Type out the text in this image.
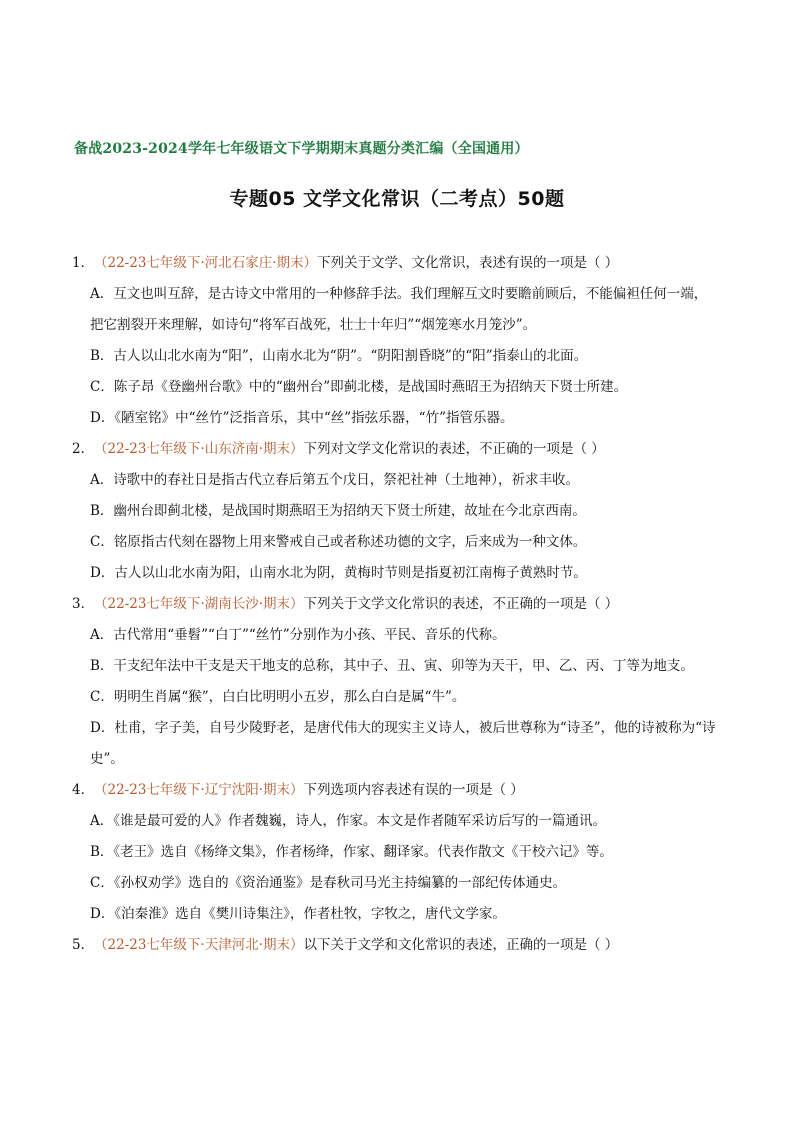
备战2023-2024学年七年级语文下学期期末真题分类汇编（全国通用）
专题05 文学文化常识（二考点）50题
1．（22-23七年级下·河北石家庄·期末）下列关于文学、文化常识，表述有误的一项是（ ）
A．互文也叫互辞，是古诗文中常用的一种修辞手法。我们理解互文时要瞻前顾后，不能偏袒任何一端，
把它割裂开来理解，如诗句“将军百战死，壮士十年归”“烟笼寒水月笼沙”。
B．古人以山北水南为“阳”，山南水北为“阴”。“阴阳割昏晓”的“阳”指泰山的北面。
C．陈子昂《登幽州台歌》中的“幽州台”即蓟北楼，是战国时燕昭王为招纳天下贤士所建。
D．《陋室铭》中“丝竹”泛指音乐，其中“丝”指弦乐器，“竹”指管乐器。
2．（22-23七年级下·山东济南·期末）下列对文学文化常识的表述，不正确的一项是（ ）
A．诗歌中的春社日是指古代立春后第五个戊日，祭祀社神（土地神），祈求丰收。
B．幽州台即蓟北楼，是战国时期燕昭王为招纳天下贤士所建，故址在今北京西南。
C．铭原指古代刻在器物上用来警戒自己或者称述功德的文字，后来成为一种文体。
D．古人以山北水南为阳，山南水北为阴，黄梅时节则是指夏初江南梅子黄熟时节。
3．（22-23七年级下·湖南长沙·期末）下列关于文学文化常识的表述，不正确的一项是（ ）
A．古代常用“垂髫”“白丁”“丝竹”分别作为小孩、平民、音乐的代称。
B．干支纪年法中干支是天干地支的总称，其中子、丑、寅、卯等为天干，甲、乙、丙、丁等为地支。
C．明明生肖属“猴”，白白比明明小五岁，那么白白是属“牛”。
D．杜甫，字子美，自号少陵野老，是唐代伟大的现实主义诗人，被后世尊称为“诗圣”，他的诗被称为“诗
史”。
4．（22-23七年级下·辽宁沈阳·期末）下列选项内容表述有误的一项是（ ）
A．《谁是最可爱的人》作者魏巍，诗人，作家。本文是作者随军采访后写的一篇通讯。
B．《老王》选自《杨绛文集》，作者杨绛，作家、翻译家。代表作散文《干校六记》等。
C．《孙权劝学》选自的《资治通鉴》是春秋司马光主持编纂的一部纪传体通史。
D．《泊秦淮》选自《樊川诗集注》，作者杜牧，字牧之，唐代文学家。
5．（22-23七年级下·天津河北·期末）以下关于文学和文化常识的表述，正确的一项是（ ）
